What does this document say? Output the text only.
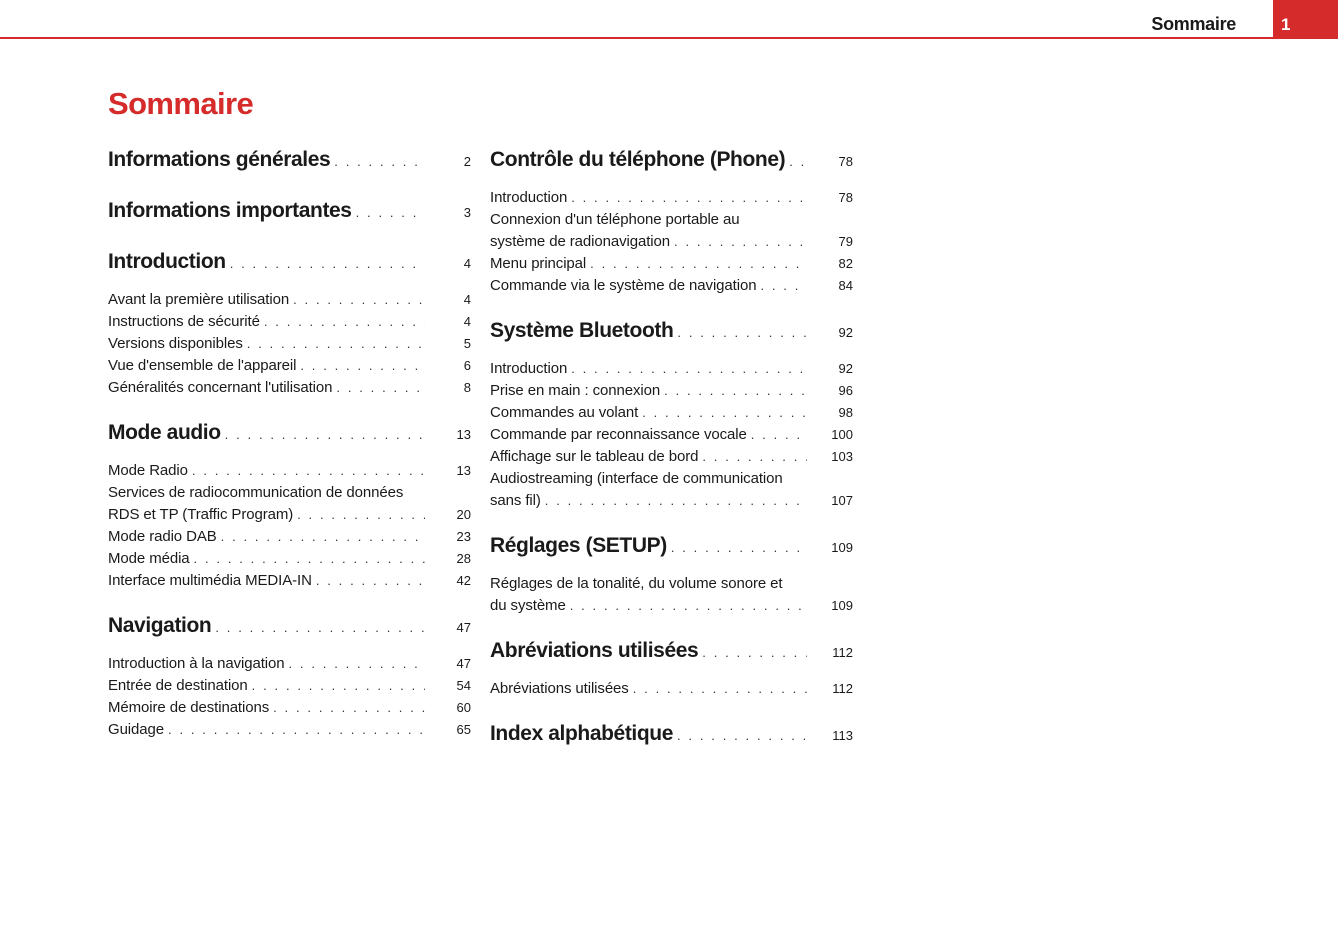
Sommaire	1
Sommaire
Informations générales . . .	2
Informations importantes . . .	3
Introduction . . .	4
Avant la première utilisation . . .	4
Instructions de sécurité . . .	4
Versions disponibles . . .	5
Vue d'ensemble de l'appareil . . .	6
Généralités concernant l'utilisation . . .	8
Mode audio . . .	13
Mode Radio . . .	13
Services de radiocommunication de données
RDS et TP (Traffic Program) . . .	20
Mode radio DAB . . .	23
Mode média . . .	28
Interface multimédia MEDIA-IN . . .	42
Navigation . . .	47
Introduction à la navigation . . .	47
Entrée de destination . . .	54
Mémoire de destinations . . .	60
Guidage . . .	65
Contrôle du téléphone (Phone) . . .	78
Introduction . . .	78
Connexion d'un téléphone portable au
système de radionavigation . . .	79
Menu principal . . .	82
Commande via le système de navigation . . .	84
Système Bluetooth . . .	92
Introduction . . .	92
Prise en main : connexion . . .	96
Commandes au volant . . .	98
Commande par reconnaissance vocale . . .	100
Affichage sur le tableau de bord . . .	103
Audiostreaming (interface de communication
sans fil) . . .	107
Réglages (SETUP) . . .	109
Réglages de la tonalité, du volume sonore et
du système . . .	109
Abréviations utilisées . . .	112
Abréviations utilisées . . .	112
Index alphabétique . . .	113
